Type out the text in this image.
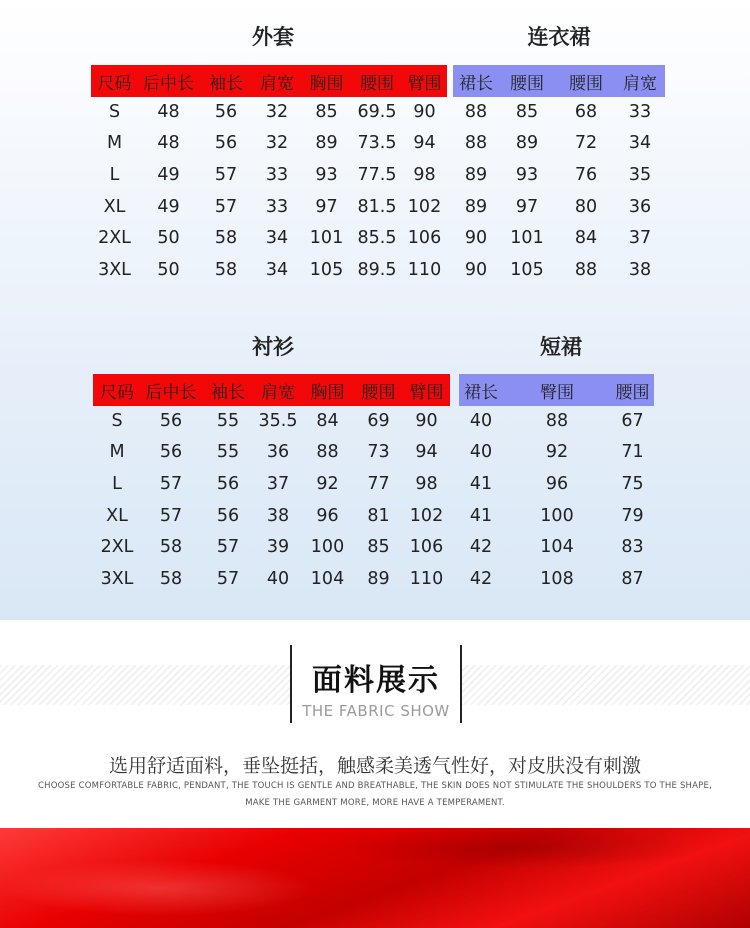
外套	连衣裙
衬衫	短裙
尺码 后中长 袖长	肩宽 胸围 腰围 臂围
S	48	56	32	85	69.5 90
M	48	56	32	89	73.5 94
L	49	57	33	93	77.5 98
XL	49	57	33	97	81.5 102
2XL	50	58	34	101 85.5 106
3XL	50	58	34	105 89.5 110
裙长	腰围	腰围	肩宽
88	85	68	33
88	89	72	34
89	93	76	35
89	97	80	36
90	101	84	37
90	105	88	38
尺码 后中长 袖长 肩宽 胸围	腰围 臂围
S	56	55	35.5	84	69	90
M	56	55	36	88	73	94
L	57	56	37	92	77	98
XL	57	56	38	96	81	102
2XL	58	57	39	100	85	106
3XL	58	57	40	104	89	110
裙长	臀围	腰围
40	88	67
40	92	71
41	96	75
41	100	79
42	104	83
42	108	87
面料展示
THE FABRIC SHOW
选用舒适面料，垂坠挺括，触感柔美透气性好，对皮肤没有刺激
CHOOSE COMFORTABLE FABRIC, PENDANT, THE TOUCH IS GENTLE AND BREATHABLE, THE SKIN DOES NOT STIMULATE THE SHOULDERS TO THE SHAPE,
MAKE THE GARMENT MORE, MORE HAVE A TEMPERAMENT.
